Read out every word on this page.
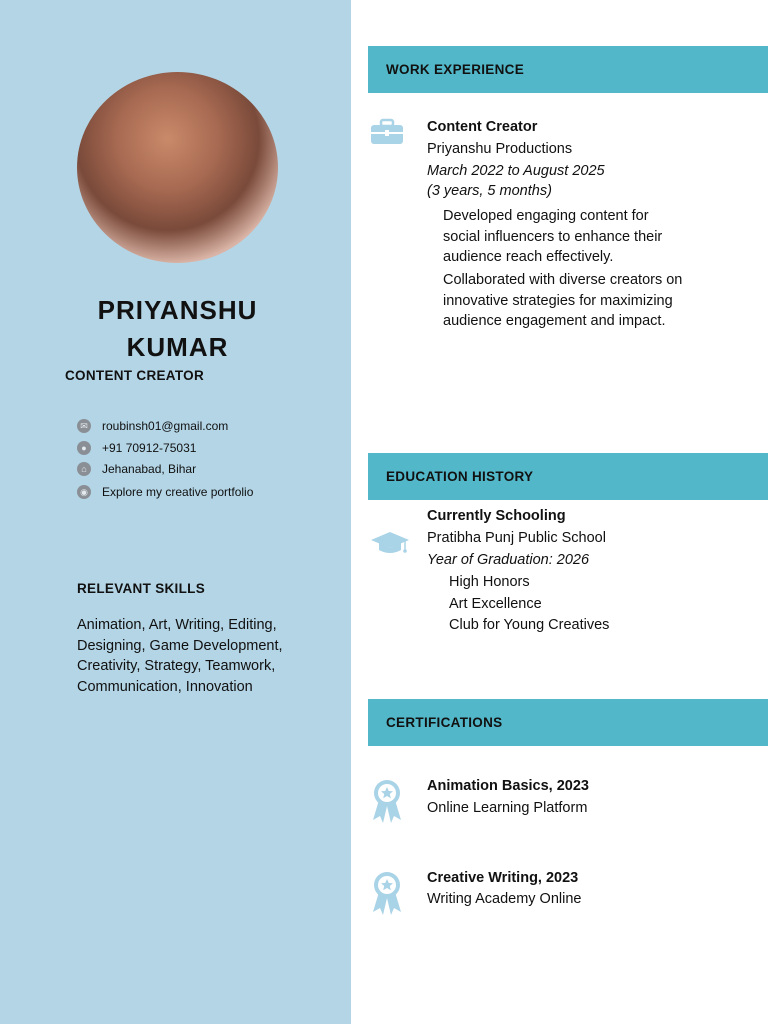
PRIYANSHU KUMAR
CONTENT CREATOR
✉ roubinsh01@gmail.com
●	+91 70912-75031
⌂	Jehanabad, Bihar
◉ Explore my creative portfolio
RELEVANT SKILLS
Animation, Art, Writing, Editing, Designing, Game Development, Creativity, Strategy, Teamwork, Communication, Innovation
WORK EXPERIENCE
Content Creator
Priyanshu Productions
March 2022 to August 2025
(3 years, 5 months)
Developed engaging content for social influencers to enhance their audience reach effectively.
Collaborated with diverse creators on innovative strategies for maximizing audience engagement and impact.
EDUCATION HISTORY
Currently Schooling
Pratibha Punj Public School
Year of Graduation: 2026
High Honors
Art Excellence
Club for Young Creatives
CERTIFICATIONS
Animation Basics, 2023
Online Learning Platform
Creative Writing, 2023
Writing Academy Online
